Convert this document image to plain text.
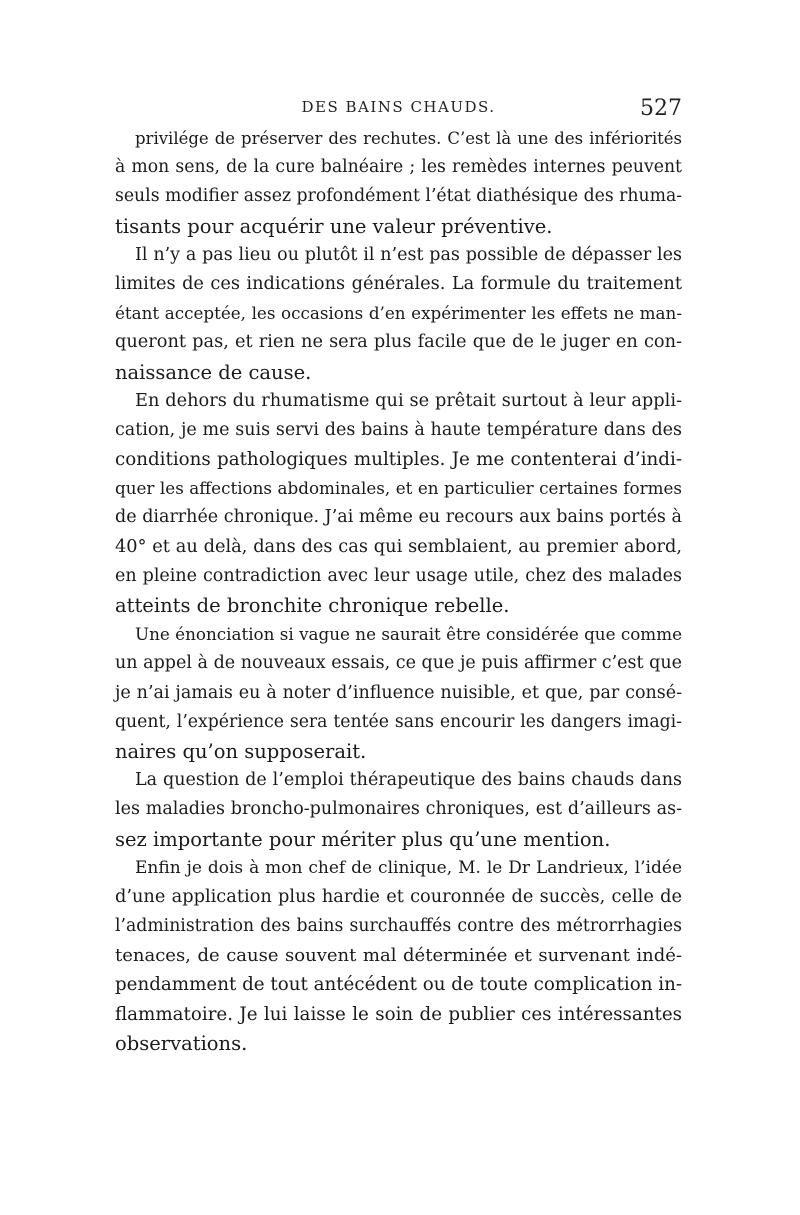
DES BAINS CHAUDS.	527
privilége de préserver des rechutes. C’est là une des infériorités
à mon sens, de la cure balnéaire ; les remèdes internes peuvent
seuls modifier assez profondément l’état diathésique des rhuma-
tisants pour acquérir une valeur préventive.
Il n’y a pas lieu ou plutôt il n’est pas possible de dépasser les
limites de ces indications générales. La formule du traitement
étant acceptée, les occasions d’en expérimenter les effets ne man-
queront pas, et rien ne sera plus facile que de le juger en con-
naissance de cause.
En dehors du rhumatisme qui se prêtait surtout à leur appli-
cation, je me suis servi des bains à haute température dans des
conditions pathologiques multiples. Je me contenterai d’indi-
quer les affections abdominales, et en particulier certaines formes
de diarrhée chronique. J’ai même eu recours aux bains portés à
40° et au delà, dans des cas qui semblaient, au premier abord,
en pleine contradiction avec leur usage utile, chez des malades
atteints de bronchite chronique rebelle.
Une énonciation si vague ne saurait être considérée que comme
un appel à de nouveaux essais, ce que je puis affirmer c’est que
je n’ai jamais eu à noter d’influence nuisible, et que, par consé-
quent, l’expérience sera tentée sans encourir les dangers imagi-
naires qu’on supposerait.
La question de l’emploi thérapeutique des bains chauds dans
les maladies broncho-pulmonaires chroniques, est d’ailleurs as-
sez importante pour mériter plus qu’une mention.
Enfin je dois à mon chef de clinique, M. le Dr Landrieux, l’idée
d’une application plus hardie et couronnée de succès, celle de
l’administration des bains surchauffés contre des métrorrhagies
tenaces, de cause souvent mal déterminée et survenant indé-
pendamment de tout antécédent ou de toute complication in-
flammatoire. Je lui laisse le soin de publier ces intéressantes
observations.
